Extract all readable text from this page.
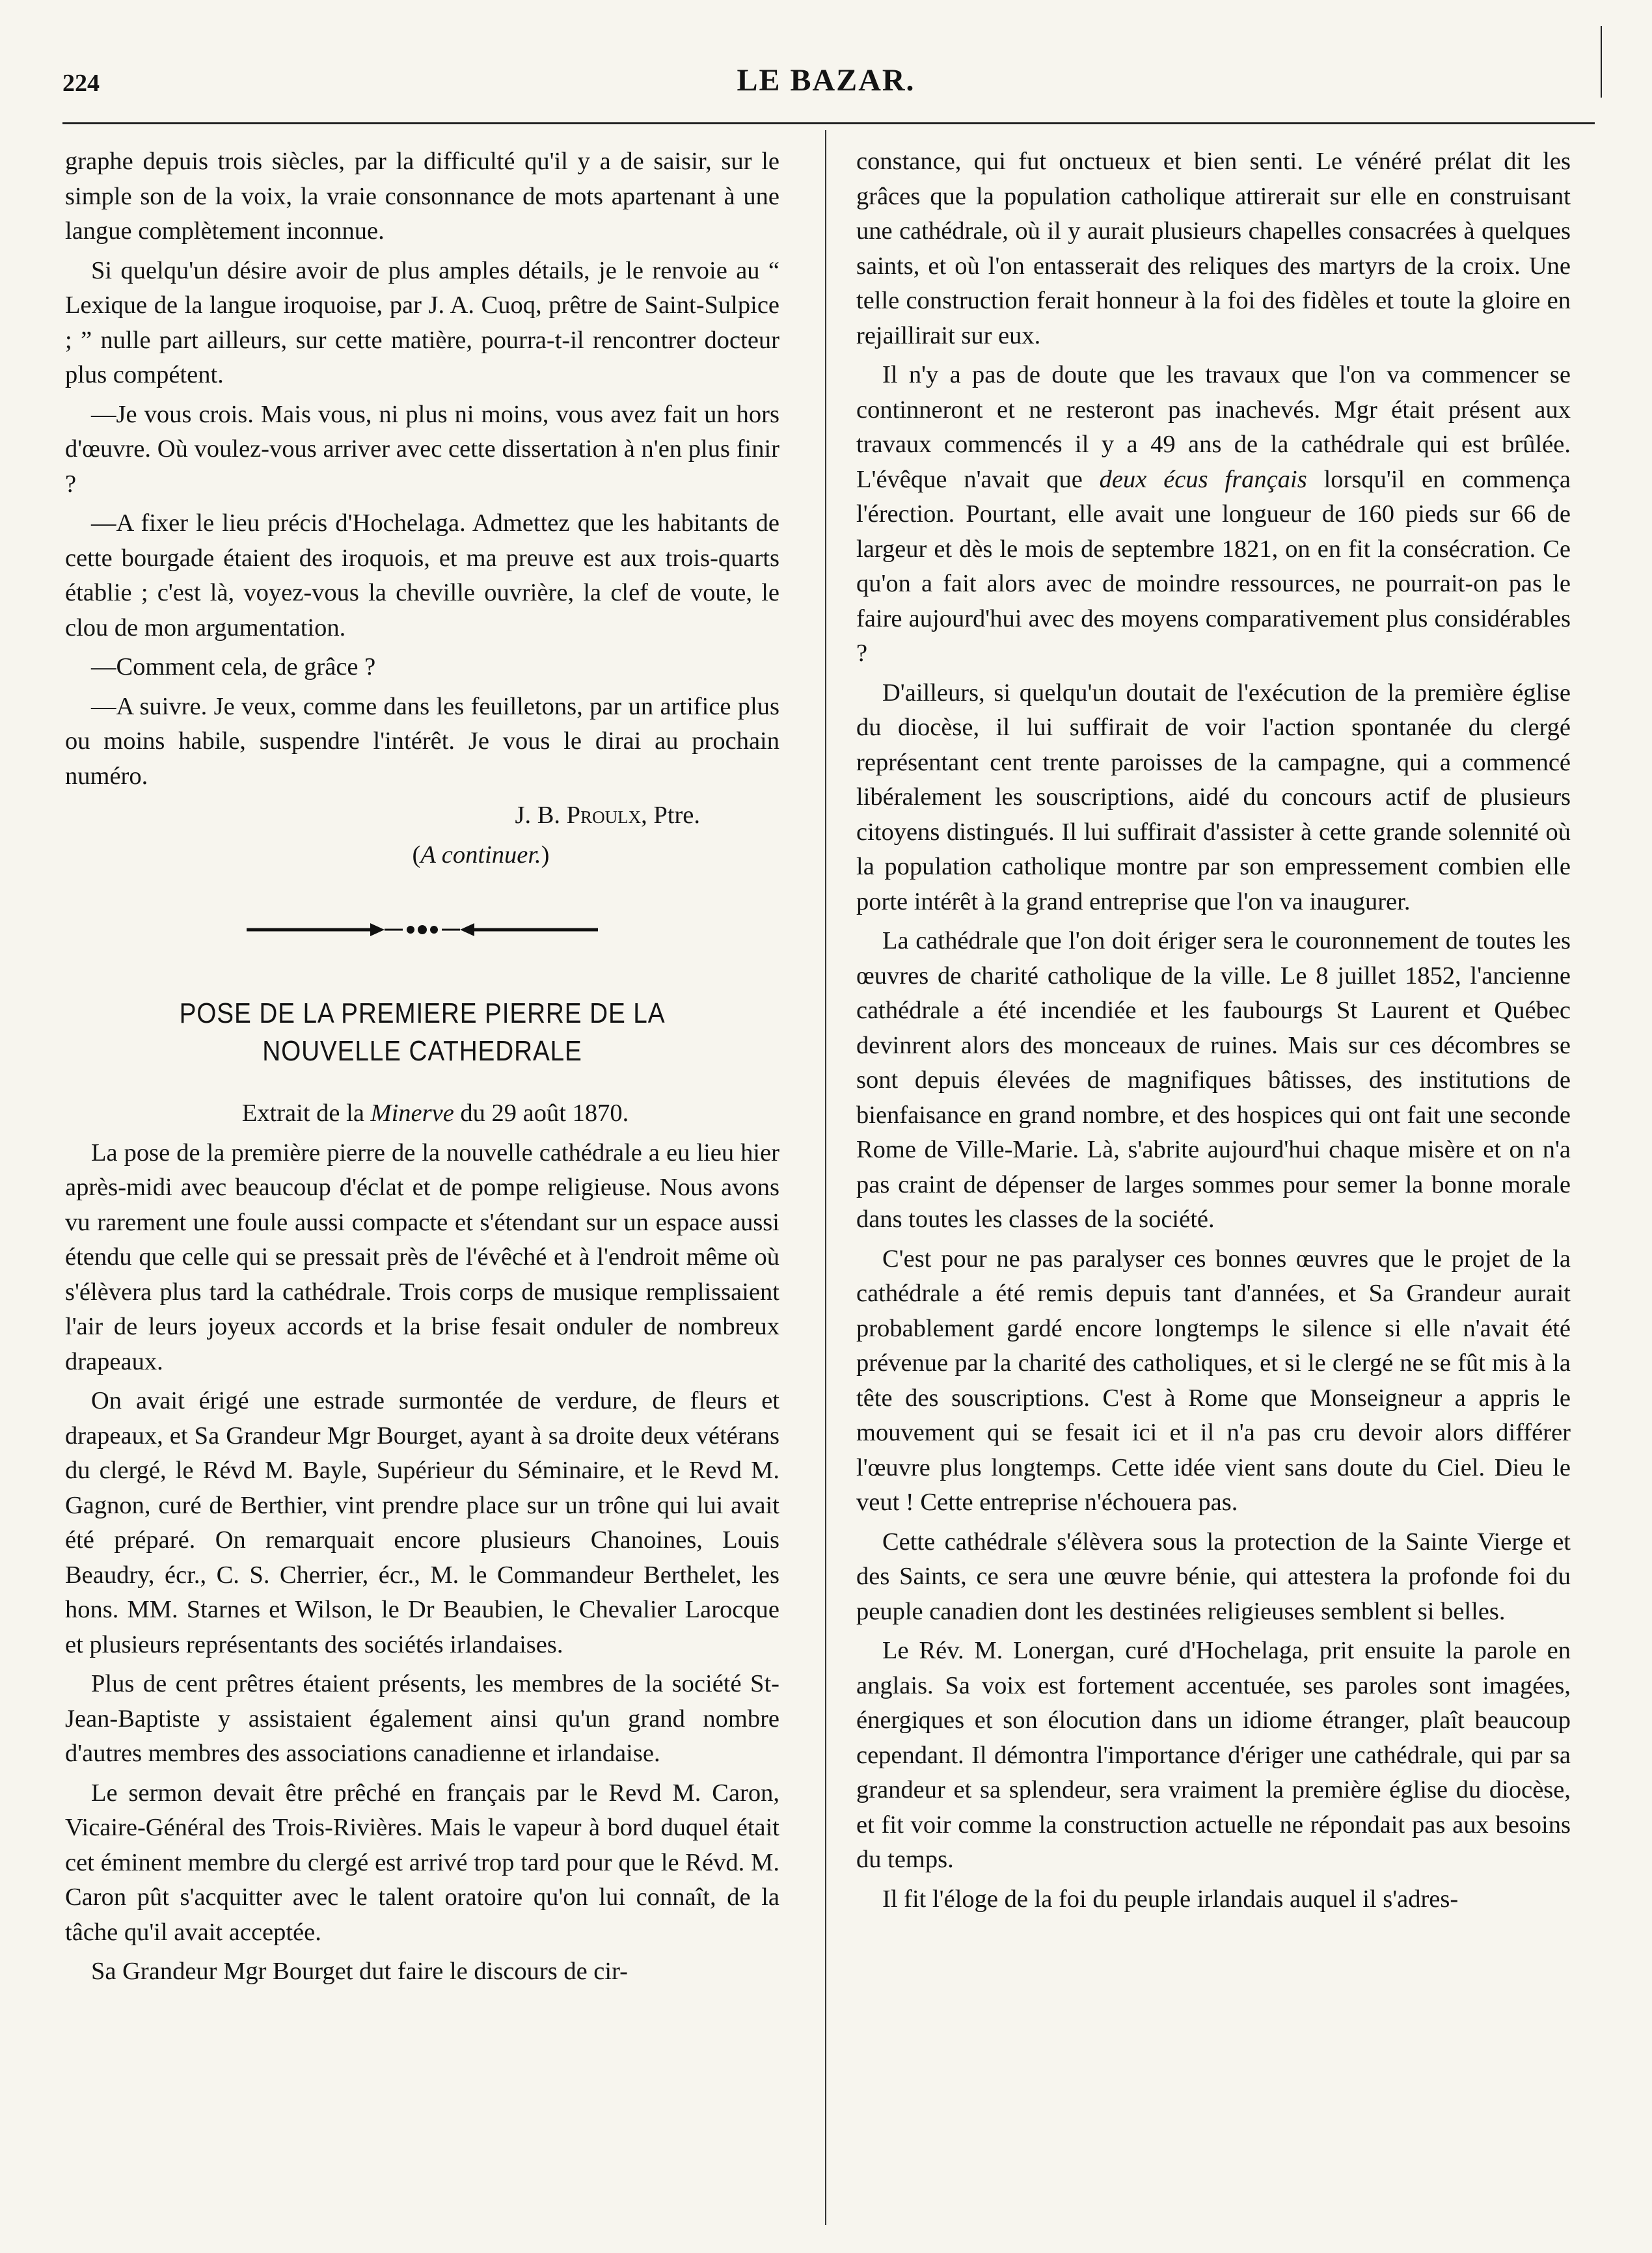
224	LE BAZAR.

graphe depuis trois siècles, par la difficulté qu'il y a de saisir, sur le simple son de la voix, la vraie consonnance de mots apartenant à une langue complètement inconnue.

Si quelqu'un désire avoir de plus amples détails, je le renvoie au “ Lexique de la langue iroquoise, par J. A. Cuoq, prêtre de Saint-Sulpice ; ” nulle part ailleurs, sur cette matière, pourra-t-il rencontrer docteur plus compétent.

—Je vous crois. Mais vous, ni plus ni moins, vous avez fait un hors d'œuvre. Où voulez-vous arriver avec cette dissertation à n'en plus finir ?

—A fixer le lieu précis d'Hochelaga. Admettez que les habitants de cette bourgade étaient des iroquois, et ma preuve est aux trois-quarts établie ; c'est là, voyez-vous la cheville ouvrière, la clef de voute, le clou de mon argumentation.

—Comment cela, de grâce ?

—A suivre. Je veux, comme dans les feuilletons, par un artifice plus ou moins habile, suspendre l'intérêt. Je vous le dirai au prochain numéro.

J. B. Proulx, Ptre.

(A continuer.)

POSE DE LA PREMIERE PIERRE DE LA NOUVELLE CATHEDRALE

Extrait de la Minerve du 29 août 1870.

La pose de la première pierre de la nouvelle cathédrale a eu lieu hier après-midi avec beaucoup d'éclat et de pompe religieuse. Nous avons vu rarement une foule aussi compacte et s'étendant sur un espace aussi étendu que celle qui se pressait près de l'évêché et à l'endroit même où s'élèvera plus tard la cathédrale. Trois corps de musique remplissaient l'air de leurs joyeux accords et la brise fesait onduler de nombreux drapeaux.

On avait érigé une estrade surmontée de verdure, de fleurs et drapeaux, et Sa Grandeur Mgr Bourget, ayant à sa droite deux vétérans du clergé, le Révd M. Bayle, Supérieur du Séminaire, et le Revd M. Gagnon, curé de Berthier, vint prendre place sur un trône qui lui avait été préparé. On remarquait encore plusieurs Chanoines, Louis Beaudry, écr., C. S. Cherrier, écr., M. le Commandeur Berthelet, les hons. MM. Starnes et Wilson, le Dr Beaubien, le Chevalier Larocque et plusieurs représentants des sociétés irlandaises.

Plus de cent prêtres étaient présents, les membres de la société St-Jean-Baptiste y assistaient également ainsi qu'un grand nombre d'autres membres des associations canadienne et irlandaise.

Le sermon devait être prêché en français par le Revd M. Caron, Vicaire-Général des Trois-Rivières. Mais le vapeur à bord duquel était cet éminent membre du clergé est arrivé trop tard pour que le Révd. M. Caron pût s'acquitter avec le talent oratoire qu'on lui connaît, de la tâche qu'il avait acceptée.

Sa Grandeur Mgr Bourget dut faire le discours de cir-

constance, qui fut onctueux et bien senti. Le vénéré prélat dit les grâces que la population catholique attirerait sur elle en construisant une cathédrale, où il y aurait plusieurs chapelles consacrées à quelques saints, et où l'on entasserait des reliques des martyrs de la croix. Une telle construction ferait honneur à la foi des fidèles et toute la gloire en rejaillirait sur eux.

Il n'y a pas de doute que les travaux que l'on va commencer se continneront et ne resteront pas inachevés. Mgr était présent aux travaux commencés il y a 49 ans de la cathédrale qui est brûlée. L'évêque n'avait que deux écus français lorsqu'il en commença l'érection. Pourtant, elle avait une longueur de 160 pieds sur 66 de largeur et dès le mois de septembre 1821, on en fit la consécration. Ce qu'on a fait alors avec de moindre ressources, ne pourrait-on pas le faire aujourd'hui avec des moyens comparativement plus considérables ?

D'ailleurs, si quelqu'un doutait de l'exécution de la première église du diocèse, il lui suffirait de voir l'action spontanée du clergé représentant cent trente paroisses de la campagne, qui a commencé libéralement les souscriptions, aidé du concours actif de plusieurs citoyens distingués. Il lui suffirait d'assister à cette grande solennité où la population catholique montre par son empressement combien elle porte intérêt à la grand entreprise que l'on va inaugurer.

La cathédrale que l'on doit ériger sera le couronnement de toutes les œuvres de charité catholique de la ville. Le 8 juillet 1852, l'ancienne cathédrale a été incendiée et les faubourgs St Laurent et Québec devinrent alors des monceaux de ruines. Mais sur ces décombres se sont depuis élevées de magnifiques bâtisses, des institutions de bienfaisance en grand nombre, et des hospices qui ont fait une seconde Rome de Ville-Marie. Là, s'abrite aujourd'hui chaque misère et on n'a pas craint de dépenser de larges sommes pour semer la bonne morale dans toutes les classes de la société.

C'est pour ne pas paralyser ces bonnes œuvres que le projet de la cathédrale a été remis depuis tant d'années, et Sa Grandeur aurait probablement gardé encore longtemps le silence si elle n'avait été prévenue par la charité des catholiques, et si le clergé ne se fût mis à la tête des souscriptions. C'est à Rome que Monseigneur a appris le mouvement qui se fesait ici et il n'a pas cru devoir alors différer l'œuvre plus longtemps. Cette idée vient sans doute du Ciel. Dieu le veut ! Cette entreprise n'échouera pas.

Cette cathédrale s'élèvera sous la protection de la Sainte Vierge et des Saints, ce sera une œuvre bénie, qui attestera la profonde foi du peuple canadien dont les destinées religieuses semblent si belles.

Le Rév. M. Lonergan, curé d'Hochelaga, prit ensuite la parole en anglais. Sa voix est fortement accentuée, ses paroles sont imagées, énergiques et son élocution dans un idiome étranger, plaît beaucoup cependant. Il démontra l'importance d'ériger une cathédrale, qui par sa grandeur et sa splendeur, sera vraiment la première église du diocèse, et fit voir comme la construction actuelle ne répondait pas aux besoins du temps.

Il fit l'éloge de la foi du peuple irlandais auquel il s'adres-
